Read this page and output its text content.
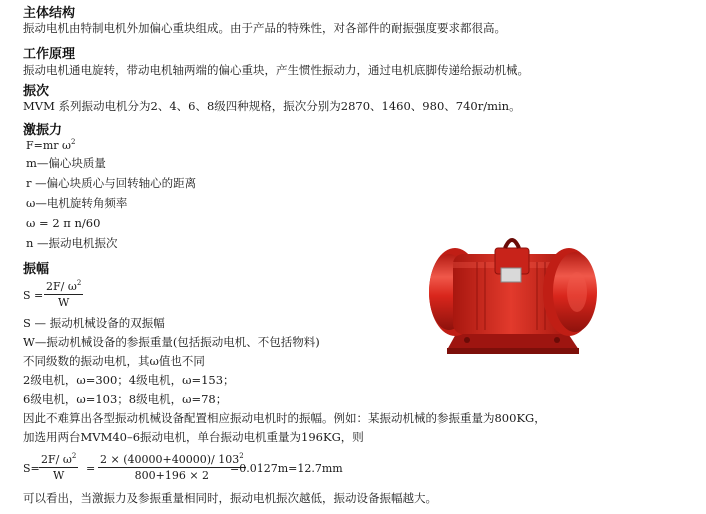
主体结构
振动电机由特制电机外加偏心重块组成。由于产品的特殊性，对各部件的耐振强度要求都很高。
工作原理
振动电机通电旋转，带动电机轴两端的偏心重块，产生惯性振动力，通过电机底脚传递给振动机械。
振次
MVM 系列振动电机分为2、4、6、8级四种规格，振次分别为2870、1460、980、740r/min。
激振力
F=mr $\omega^2$
m—偏心块质量
r —偏心块质心与回转轴心的距离
ω—电机旋转角频率
ω = 2 π n/60
n —振动电机振次
振幅
$S = \frac{2F/ \omega^2}{W}$
S — 振动机械设备的双振幅
W—振动机械设备的参振重量(包括振动电机、不包括物料)
不同级数的振动电机，其ω值也不同
2级电机，ω=300；4级电机，ω=153；
6级电机，ω=103；8级电机，ω=78；
因此不难算出各型振动机械设备配置相应振动电机时的振幅。例如：某振动机械的参振重量为800KG，
加选用两台MVM40–6振动电机，单台振动电机重量为196KG，则
$S= \frac{2F/ \omega^2}{W} = \frac{2 \times (40000+40000)/ 103^2}{800+196 \times 2}$
=0.0127m=12.7mm
可以看出，当激振力及参振重量相同时，振动电机振次越低，振动设备振幅越大。
